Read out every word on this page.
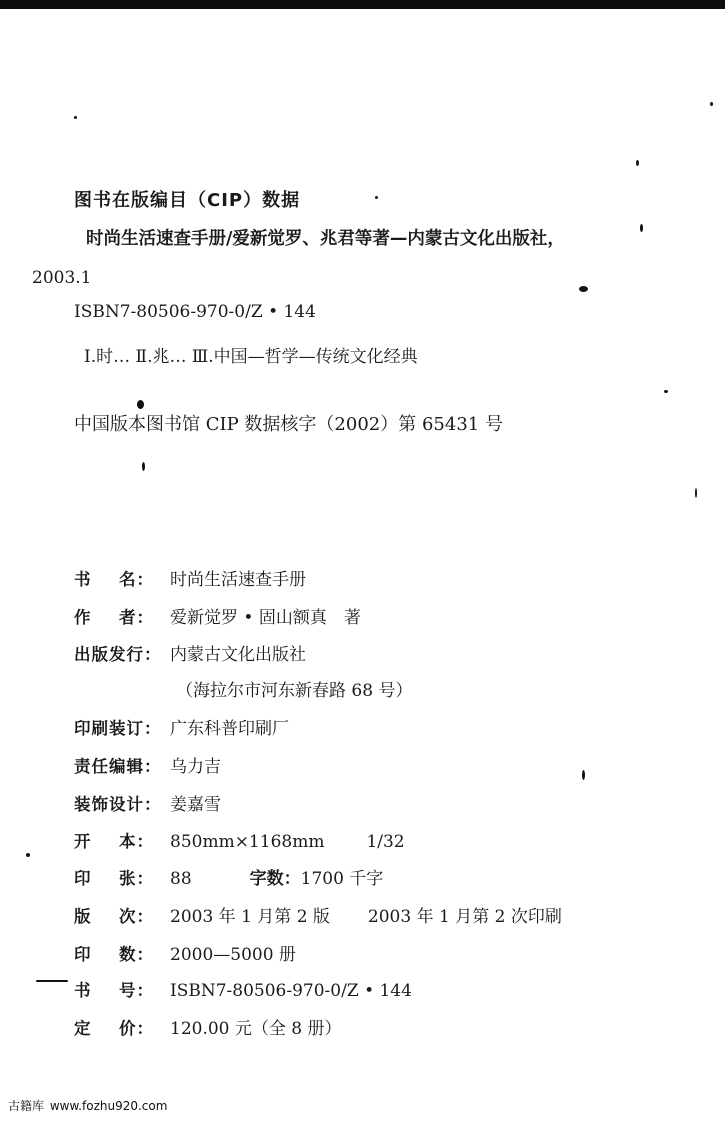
图书在版编目（CIP）数据
时尚生活速查手册/爱新觉罗、兆君等著—内蒙古文化出版社，
2003.1
ISBN7-80506-970-0/Z • 144
Ⅰ.时… Ⅱ.兆… Ⅲ.中国—哲学—传统文化经典
中国版本图书馆 CIP 数据核字（2002）第 65431 号
书 名： 时尚生活速查手册
作 者： 爱新觉罗 • 固山额真　著
出版发行： 内蒙古文化出版社
（海拉尔市河东新春路 68 号）
印刷装订： 广东科普印刷厂
责任编辑： 乌力吉
装饰设计： 姜嘉雪
开 本： 850mm×1168mm 1/32
印 张： 88	字数： 1700 千字
版 次： 2003 年 1 月第 2 版 2003 年 1 月第 2 次印刷
印 数： 2000—5000 册
书 号： ISBN7-80506-970-0/Z • 144
定 价： 120.00 元（全 8 册）
古籍库 www.fozhu920.com
